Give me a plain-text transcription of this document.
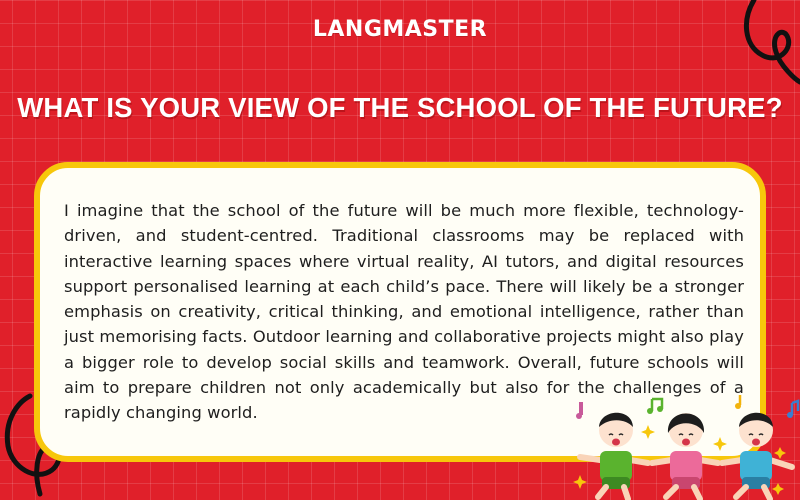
LANGMASTER
WHAT IS YOUR VIEW OF THE SCHOOL OF THE FUTURE?

I imagine that the school of the future will be much more flexible, technology-driven, and student-centred. Traditional classrooms may be replaced with interactive learning spaces where virtual reality, AI tutors, and digital resources support personalised learning at each child’s pace. There will likely be a stronger emphasis on creativity, critical thinking, and emotional intelligence, rather than just memorising facts. Outdoor learning and collaborative projects might also play a bigger role to develop social skills and teamwork. Overall, future schools will aim to prepare children not only academically but also for the challenges of a rapidly changing world.
